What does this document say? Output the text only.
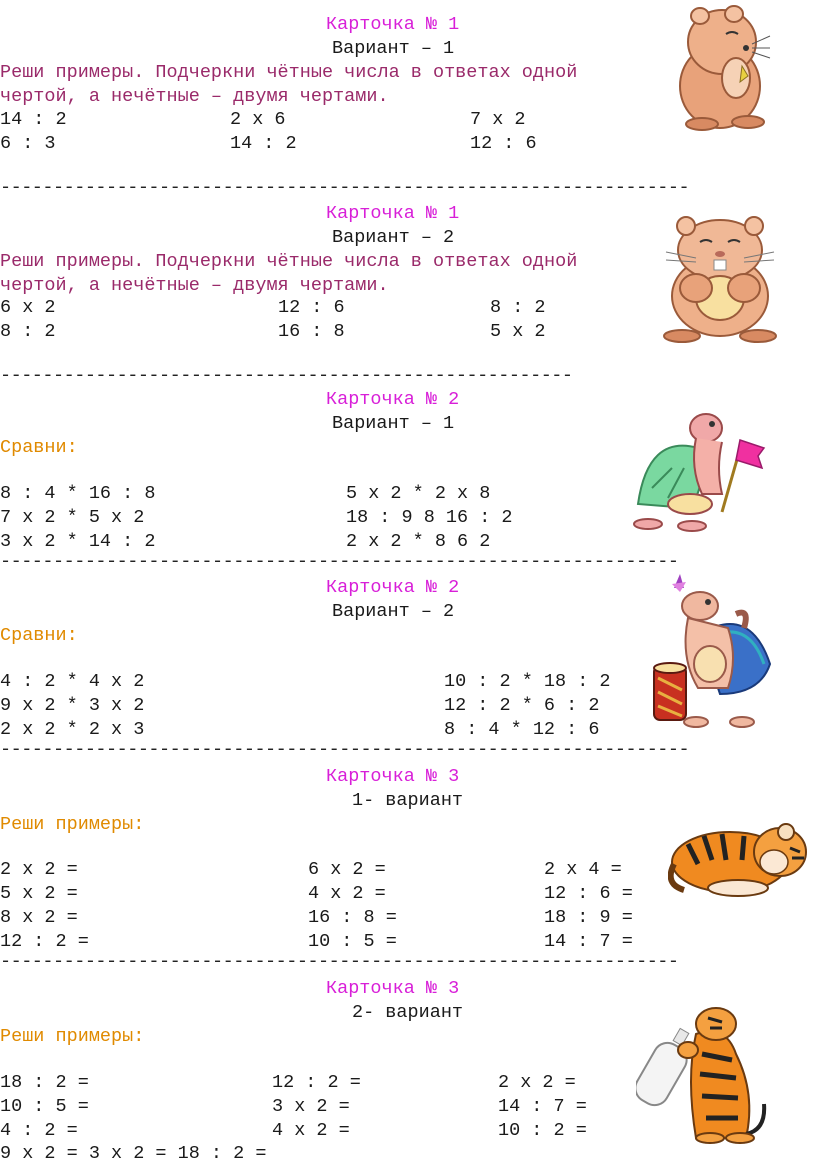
Карточка № 1
Вариант – 1
Реши примеры. Подчеркни чётные числа в ответах одной
чертой, а нечётные – двумя чертами.
14 : 2	2 х 6	7 х 2
6 : 3	14 : 2	12 : 6
-----------------------------------------------------------------
Карточка № 1
Вариант – 2
Реши примеры. Подчеркни чётные числа в ответах одной
чертой, а нечётные – двумя чертами.
6 х 2	12 : 6	8 : 2
8 : 2	16 : 8	5 х 2
------------------------------------------------------
Карточка № 2
Вариант – 1
Сравни:
8 : 4 * 16 : 8	5 х 2 * 2 х 8
7 х 2 * 5 х 2	18 : 9 8 16 : 2
3 х 2 * 14 : 2	2 х 2 * 8 6 2
----------------------------------------------------------------
Карточка № 2
Вариант – 2
Сравни:
4 : 2 * 4 х 2	10 : 2 * 18 : 2
9 х 2 * 3 х 2	12 : 2 * 6 : 2
2 х 2 * 2 х 3	8 : 4 * 12 : 6
-----------------------------------------------------------------
Карточка № 3
1- вариант
Реши примеры:
2 х 2 =	6 х 2 =	2 х 4 =
5 х 2 =	4 х 2 =	12 : 6 =
8 х 2 =	16 : 8 =	18 : 9 =
12 : 2 =	10 : 5 =	14 : 7 =
----------------------------------------------------------------
Карточка № 3
2- вариант
Реши примеры:
18 : 2 =	12 : 2 =	2 х 2 =
10 : 5 =	3 х 2 =	14 : 7 =
4 : 2 =	4 х 2 =	10 : 2 =
9 х 2 = 3 х 2 = 18 : 2 =
